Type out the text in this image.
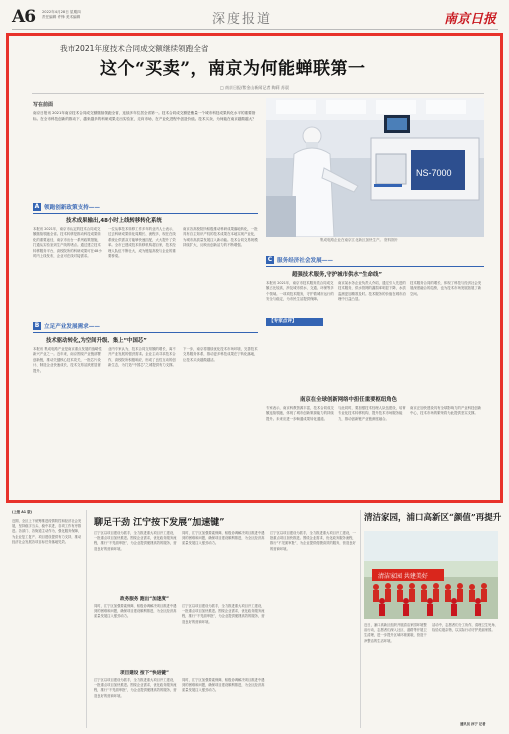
A6 2022年4月28日 星期四
责任编辑 许锋 美术编辑	深度报道	南京日报
我市2021年度技术合同成交额继续领跑全省
这个“买卖”，南京为何能蝉联第一
□ 南京日报/紫金山新闻记者 陶莉 苏晨
写在前面
南京日报讯 2021年南京技术合同成交额继续领跑全省，连续多年位居全省第一。技术合同成交额是衡量一个城市科技成果转化水平的重要指标。在全市科技创新的推动下，越来越多的科研成果走出实验室，走向市场，在产业化进程中创造价值。技术买卖，为何能在南京越做越大？
NS-7000
集成电路企业在南京江北新区加快生产。 资料图片
A 领跑创新政策支持——
技术成果输出,48小时上线转移转化系统
本报讯 2021年，南京市认定的技术合同成交额继续领跑全省。技术转移是推动科技成果转化的重要途径，南京市出台一系列政策措施，打通从实验室到生产线的堵点。通过建立技术转移服务平台，高校院所的科研成果可在48小时内上线发布，企业可在线对接需求。
一位从事技术转移工作多年的业内人士表示，过去科研成果转化周期长、流程多，现在在线系统让供需双方能够快速匹配，大大提升了效率。全市已建成技术转移机构超百家，技术经理人队伍不断壮大，成为链接高校与企业的重要桥梁。
南京各高校院所积极推动科研成果落地转化，一批具有自主知识产权的技术成果在本地实现产业化，为城市高质量发展注入新动能。技术合同交易规模持续扩大，反映出创新活力的不断增强。
B 立足产业发展需求——
技术驱动转化,为空间升级、集上“中国芯”
本报讯 集成电路产业是南京重点发展的战略性新兴产业之一。近年来，南京围绕产业链部署创新链，推动关键核心技术攻关，一批芯片设计、制造企业快速成长，技术交易活跃度显著提升。
业内专家认为，技术合同交易额的增长，离不开产业发展的强劲需求。企业主动寻求技术合作，高校院所积极响应，形成了良性互动的创新生态，为打造“中国芯”之城提供有力支撑。
下一步，南京将继续优化技术市场环境，完善技术交易服务体系，推动更多科技成果在宁转化落地，让技术买卖越做越活。
C 服务经济社会发展——
超强技术服务,守护城市供水“生命线”
本报讯 2021年，南京市技术服务类合同成交额占比较高，涉及城市供水、交通、环保等多个领域。一项项技术服务，守护着城市运行的安全与稳定，为市民生活提供保障。
南京某水务企业负责人介绍，通过引入先进的技术服务，供水管网的漏损率明显下降，水质监测更加精准及时。技术服务的价值在城市治理中日益凸显。
技术服务合同的增长，体现了科技与经济社会发展深度融合的趋势，也为技术市场发展拓展了新空间。
【专家点评】
南京在全球创新网络中担任重要枢纽角色
专家表示，南京科教资源丰富，技术合同成交额连续领跑，体现了城市创新策源能力的持续提升。未来应进一步畅通成果转化通道。
与此同时，要加强技术经理人队伍建设，培育专业化技术转移机构，提升技术市场服务能力，推动创新链产业链深度融合。
南京正加快建设具有全球影响力的产业科技创新中心，技术市场的繁荣将为此提供坚实支撑。
(上接 A1 版)
近期，全区上下统筹推进疫情防控和经济社会发展，坚持稳字当头、稳中求进，各项工作有序推进。各部门、各街道主动作为，强化服务保障，为企业复工复产、项目建设提供有力支持，推动经济社会发展各项目标任务落地见效。
聊足干劲 江宁按下发展“加速键”
江宁区以项目建设为抓手，全力推进重大项目开工建设，一批重点项目加快推进。围绕企业需求，优化政务服务流程，推行“不见面审批”，为企业提供便捷高效的服务，营造良好的营商环境。
同时，江宁区加强要素保障，积极协调解决项目推进中遇到的困难和问题，确保项目建设顺利推进，为全区经济高质量发展注入强劲动力。
政务服务 跑出“加速度”
同时，江宁区加强要素保障，积极协调解决项目推进中遇到的困难和问题，确保项目建设顺利推进，为全区经济高质量发展注入强劲动力。
江宁区以项目建设为抓手，全力推进重大项目开工建设，一批重点项目加快推进。围绕企业需求，优化政务服务流程，推行“不见面审批”，为企业提供便捷高效的服务，营造良好的营商环境。
项目建设 按下“快进键”
江宁区以项目建设为抓手，全力推进重大项目开工建设，一批重点项目加快推进。围绕企业需求，优化政务服务流程，推行“不见面审批”，为企业提供便捷高效的服务，营造良好的营商环境。
同时，江宁区加强要素保障，积极协调解决项目推进中遇到的困难和问题，确保项目建设顺利推进，为全区经济高质量发展注入强劲动力。
江宁区以项目建设为抓手，全力推进重大项目开工建设，一批重点项目加快推进。围绕企业需求，优化政务服务流程，推行“不见面审批”，为企业提供便捷高效的服务，营造良好的营商环境。
清洁家园，浦口高新区“颜值”再提升
清洁家园 共建美好
近日，浦口高新区组织开展清洁家园环境整治行动，志愿者们深入社区、道路等开展卫生清理，进一步提升区域环境面貌，营造干净整洁的生活环境。
活动中，志愿者们分工协作，清理卫生死角、捡拾垃圾杂物，以实际行动守护美丽家园。
通讯员 孙宁 记者
